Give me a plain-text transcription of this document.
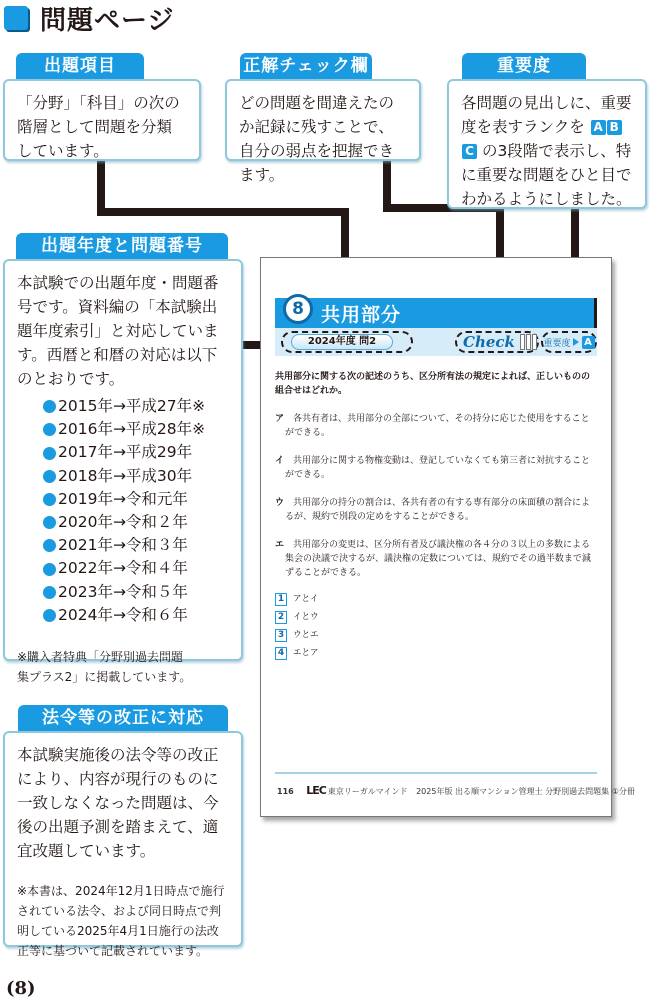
問題ページ
出題項目
「分野」「科目」の次の階層として問題を分類しています。
正解チェック欄
どの問題を間違えたのか記録に残すことで、自分の弱点を把握できます。
重要度
各問題の見出しに、重要度を表すランクを A BC の3段階で表示し、特に重要な問題をひと目でわかるようにしました。
出題年度と問題番号
本試験での出題年度・問題番号です。資料編の「本試験出題年度索引」と対応しています。西暦と和暦の対応は以下のとおりです。
2015年→平成27年※
2016年→平成28年※
2017年→平成29年
2018年→平成30年
2019年→令和元年
2020年→令和２年
2021年→令和３年
2022年→令和４年
2023年→令和５年
2024年→令和６年
※購入者特典「分野別過去問題集プラス2」に掲載しています。
法令等の改正に対応
本試験実施後の法令等の改正により、内容が現行のものに一致しなくなった問題は、今後の出題予測を踏まえて、適宜改題しています。
※本書は、2024年12月1日時点で施行されている法令、および同日時点で判明している2025年4月1日施行の法改正等に基づいて記載されています。
8 共用部分
2024年度 問2	Check	重要度 A
共用部分に関する次の記述のうち、区分所有法の規定によれば、正しいものの組合せはどれか。
ア　 各共有者は、共用部分の全部について、その持分に応じた使用をすることができる。
イ　 共用部分に関する物権変動は、登記していなくても第三者に対抗することができる。
ウ　 共用部分の持分の割合は、各共有者の有する専有部分の床面積の割合によるが、規約で別段の定めをすることができる。
エ　 共用部分の変更は、区分所有者及び議決権の各４分の３以上の多数による集会の決議で決するが、議決権の定数については、規約でその過半数まで減ずることができる。
1	アとイ
2	イとウ
3	ウとエ
4	エとア
116 LEC 東京リーガルマインド 2025年版 出る順マンション管理士 分野別過去問題集 ①分冊
(8)
